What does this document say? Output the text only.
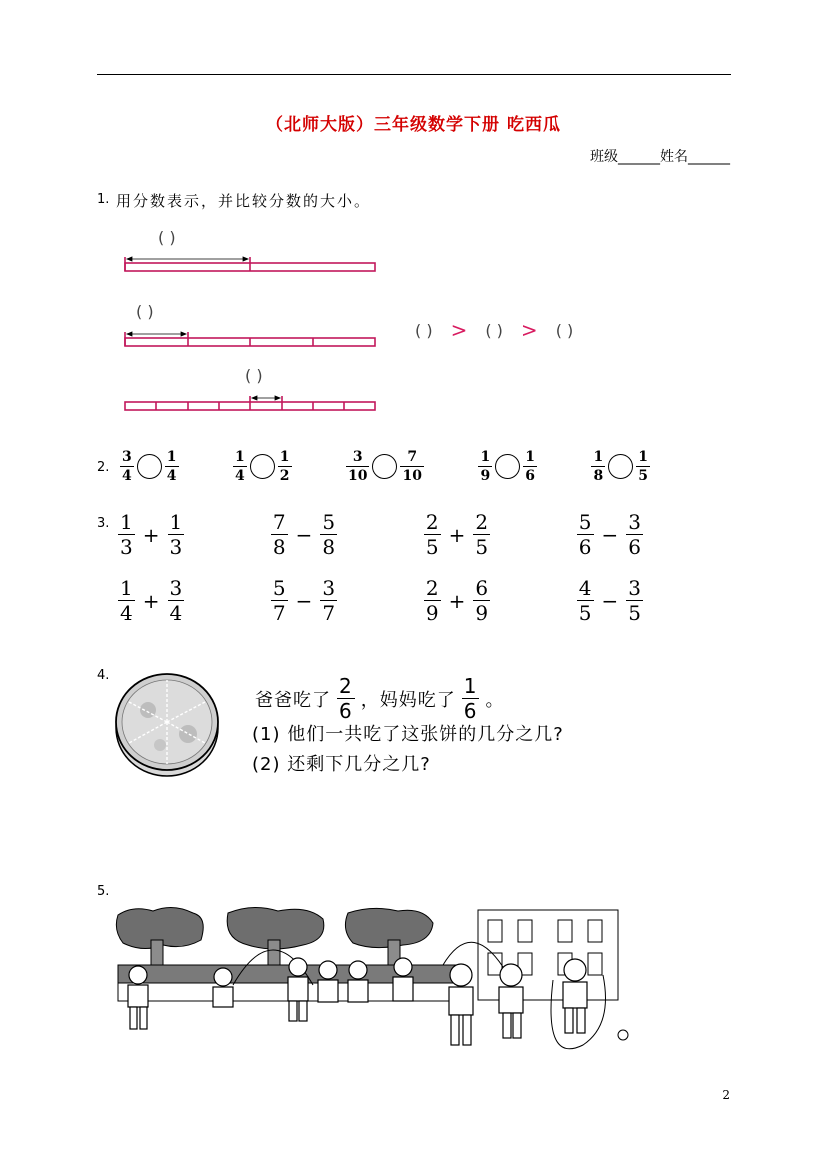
（北师大版）三年级数学下册 吃西瓜
班级______姓名______
1. 用分数表示，并比较分数的大小。
( )
( )
( )
( ) > ( ) > ( )
2. $\frac{3}{4} \frac{1}{4}$	$\frac{1}{4} \frac{1}{2}$	$\frac{3}{10} \frac{7}{10}$	$\frac{1}{9} \frac{1}{6}$	$\frac{1}{8} \frac{1}{5}$
3. $\frac{1}{3} + \frac{1}{3}$	$\frac{7}{8} - \frac{5}{8}$	$\frac{2}{5} + \frac{2}{5}$	$\frac{5}{6} - \frac{3}{6}$
$\frac{1}{4} + \frac{3}{4}$	$\frac{5}{7} - \frac{3}{7}$	$\frac{2}{9} + \frac{6}{9}$	$\frac{4}{5} - \frac{3}{5}$
4.
爸爸吃了 $\frac{2}{6}$ ，妈妈吃了 $\frac{1}{6}$ 。
(1) 他们一共吃了这张饼的几分之几?
(2) 还剩下几分之几?
5.
2
